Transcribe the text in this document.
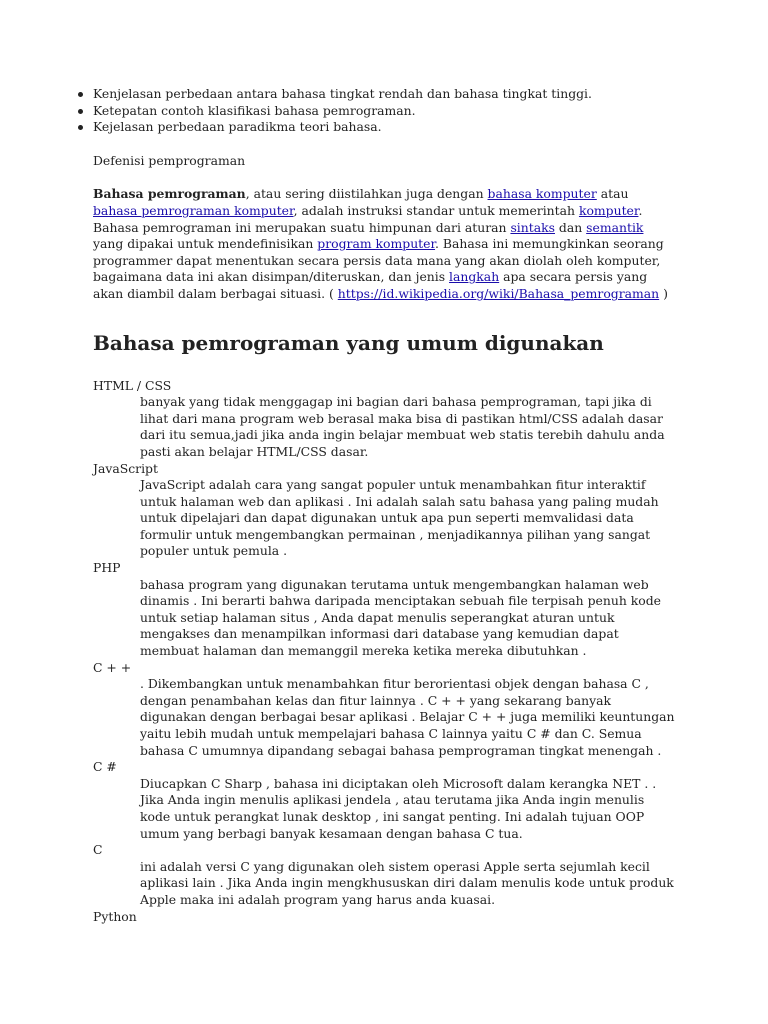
Kenjelasan perbedaan antara bahasa tingkat rendah dan bahasa tingkat tinggi.
Ketepatan contoh klasifikasi bahasa pemrograman.
Kejelasan perbedaan paradikma teori bahasa.

Defenisi pemprograman

Bahasa pemrograman, atau sering diistilahkan juga dengan bahasa komputer atau bahasa pemrograman komputer, adalah instruksi standar untuk memerintah komputer. Bahasa pemrograman ini merupakan suatu himpunan dari aturan sintaks dan semantik yang dipakai untuk mendefinisikan program komputer. Bahasa ini memungkinkan seorang programmer dapat menentukan secara persis data mana yang akan diolah oleh komputer, bagaimana data ini akan disimpan/diteruskan, dan jenis langkah apa secara persis yang akan diambil dalam berbagai situasi. ( https://id.wikipedia.org/wiki/Bahasa_pemrograman )

Bahasa pemrograman yang umum digunakan
HTML / CSS
banyak yang tidak menggagap ini bagian dari bahasa pemprograman, tapi jika di lihat dari mana program web berasal maka bisa di pastikan html/CSS adalah dasar dari itu semua,jadi jika anda ingin belajar membuat web statis terebih dahulu anda pasti akan belajar HTML/CSS dasar.
JavaScript
JavaScript adalah cara yang sangat populer untuk menambahkan fitur interaktif untuk halaman web dan aplikasi . Ini adalah salah satu bahasa yang paling mudah untuk dipelajari dan dapat digunakan untuk apa pun seperti memvalidasi data formulir untuk mengembangkan permainan , menjadikannya pilihan yang sangat populer untuk pemula .
PHP
bahasa program yang digunakan terutama untuk mengembangkan halaman web dinamis . Ini berarti bahwa daripada menciptakan sebuah file terpisah penuh kode untuk setiap halaman situs , Anda dapat menulis seperangkat aturan untuk mengakses dan menampilkan informasi dari database yang kemudian dapat membuat halaman dan memanggil mereka ketika mereka dibutuhkan .
C + +
. Dikembangkan untuk menambahkan fitur berorientasi objek dengan bahasa C , dengan penambahan kelas dan fitur lainnya . C + + yang sekarang banyak digunakan dengan berbagai besar aplikasi . Belajar C + + juga memiliki keuntungan yaitu lebih mudah untuk mempelajari bahasa C lainnya yaitu C # dan C. Semua bahasa C umumnya dipandang sebagai bahasa pemprograman tingkat menengah .
C #
Diucapkan C Sharp , bahasa ini diciptakan oleh Microsoft dalam kerangka NET . . Jika Anda ingin menulis aplikasi jendela , atau terutama jika Anda ingin menulis kode untuk perangkat lunak desktop , ini sangat penting. Ini adalah tujuan OOP umum yang berbagi banyak kesamaan dengan bahasa C tua.
C
ini adalah versi C yang digunakan oleh sistem operasi Apple serta sejumlah kecil aplikasi lain . Jika Anda ingin mengkhususkan diri dalam menulis kode untuk produk Apple maka ini adalah program yang harus anda kuasai.
Python
